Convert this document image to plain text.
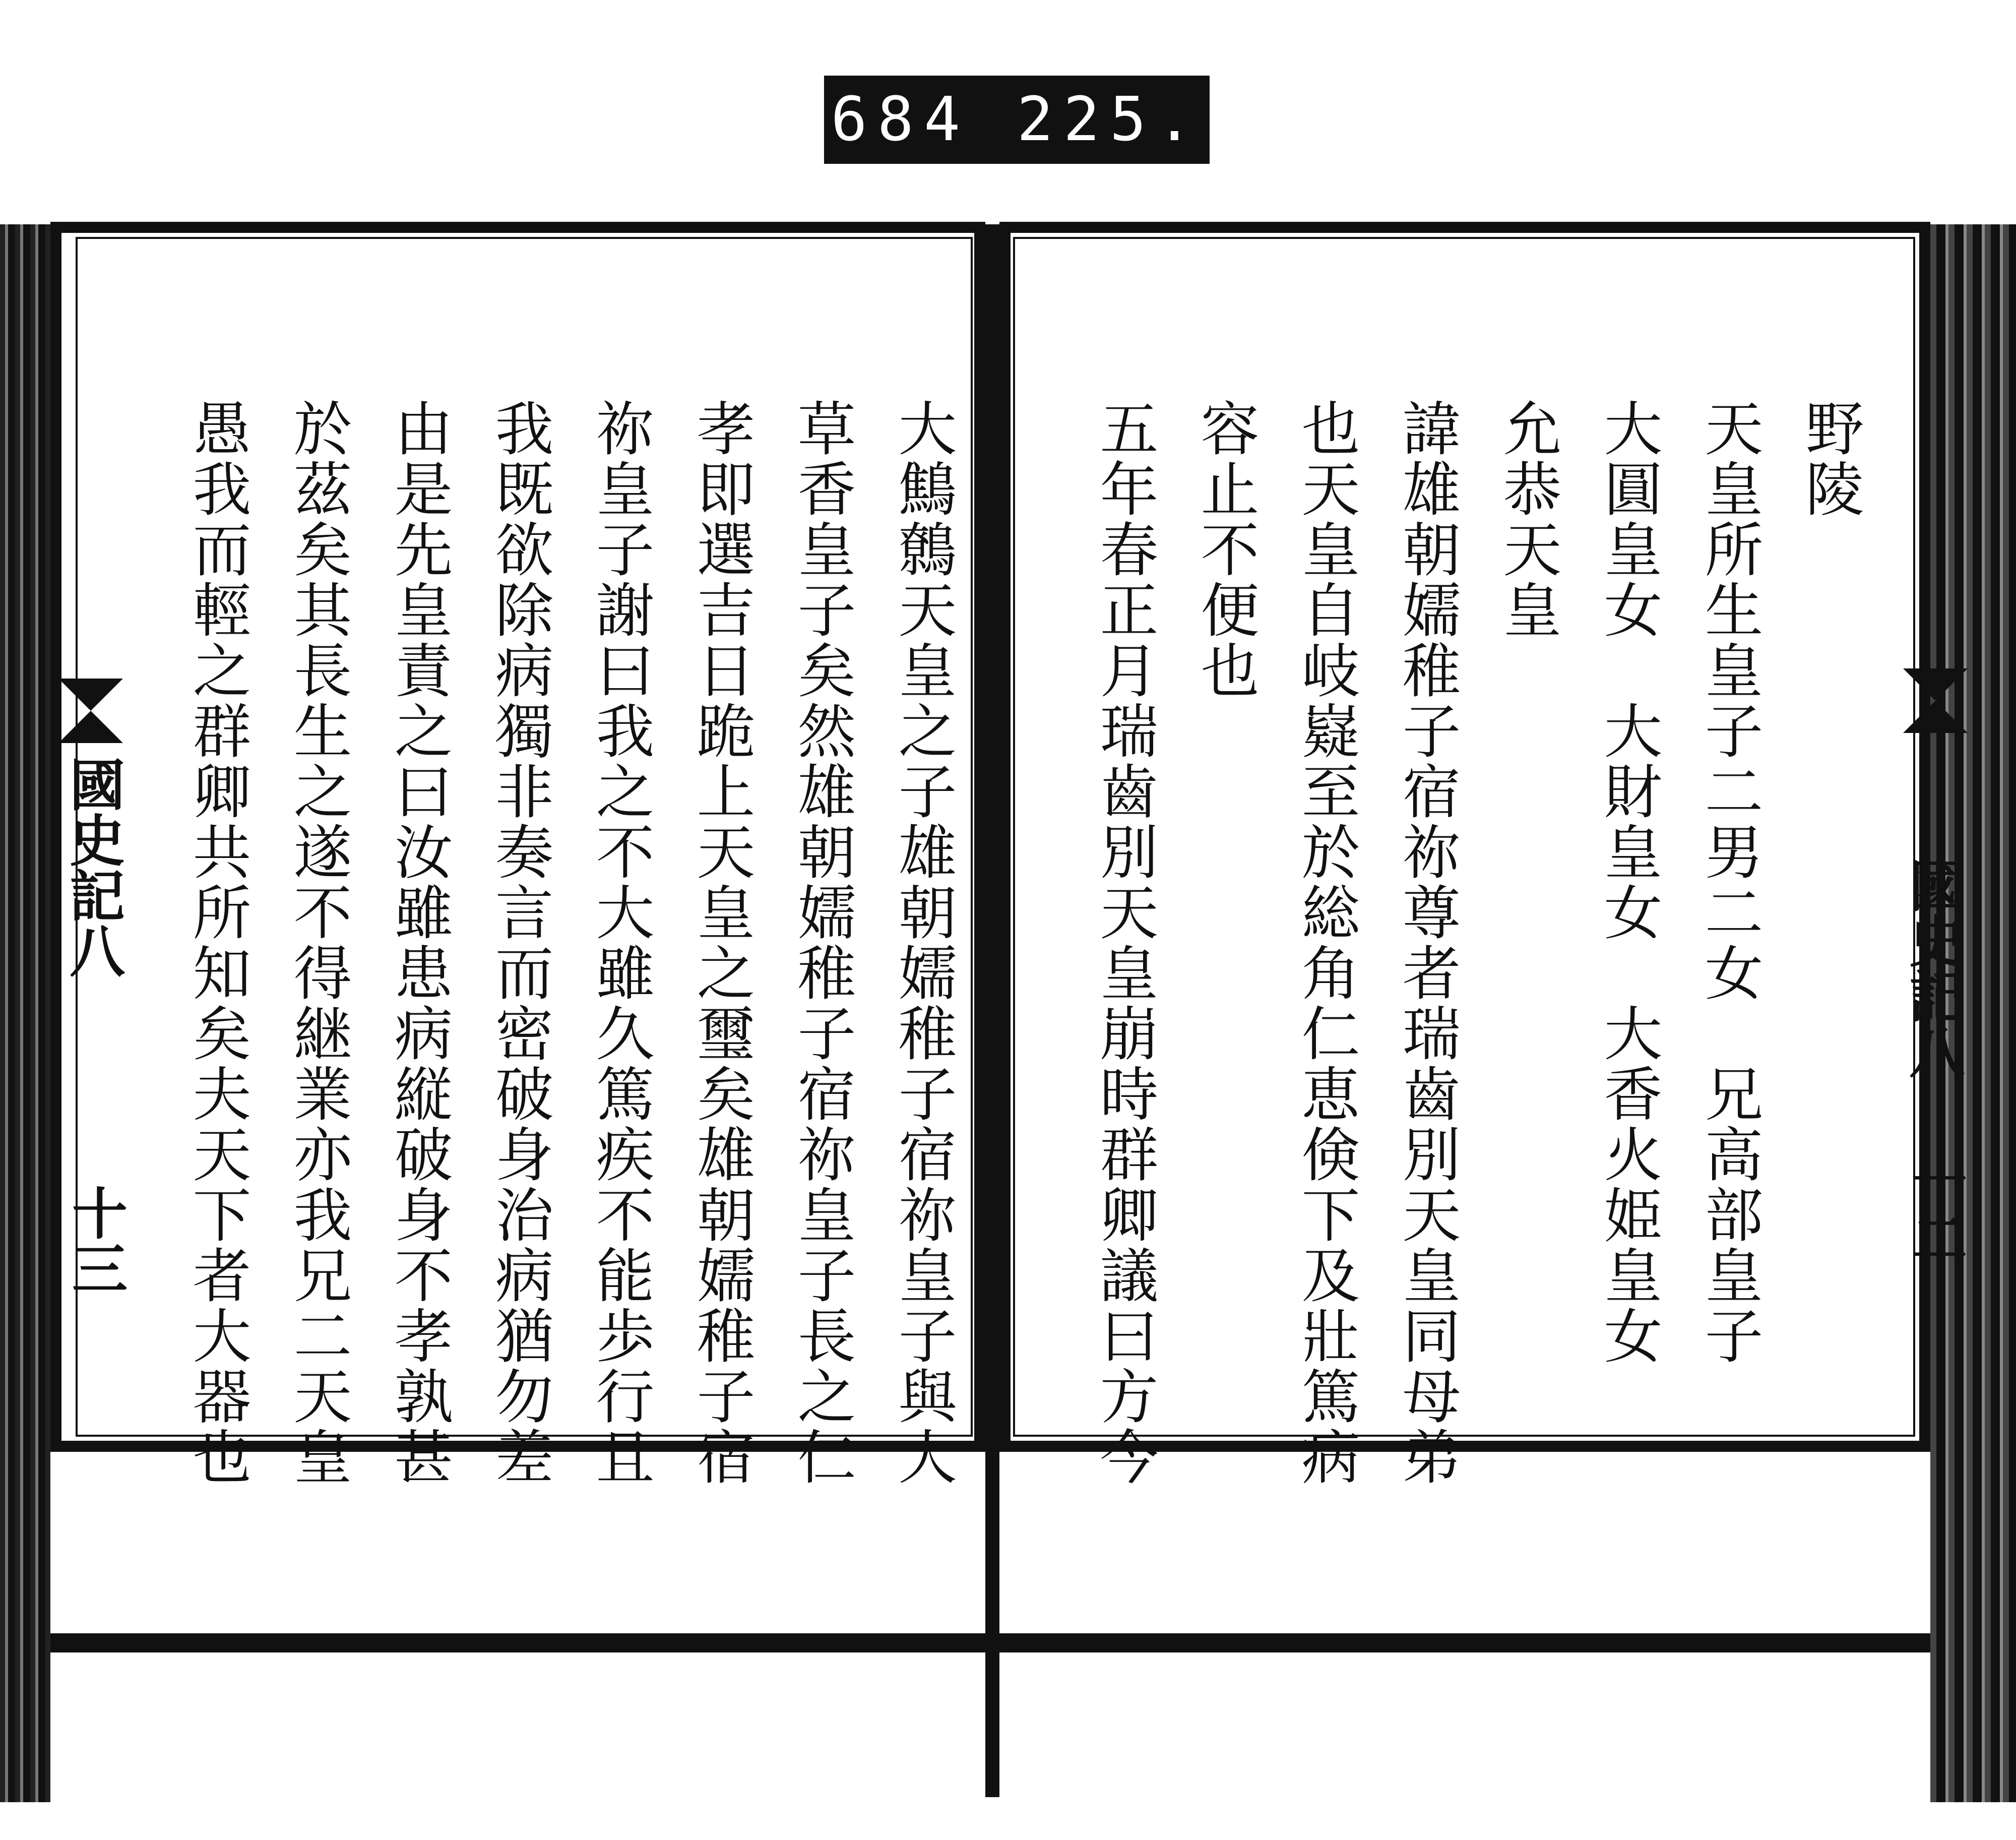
684 225.
國史記八
十三
國史記八
十二
野陵
天皇所生皇子二男二女　兄高部皇子
大圓皇女　大財皇女　大香火姫皇女
允恭天皇
諱雄朝嬬稚子宿祢尊者瑞齒別天皇同母弟
也天皇自岐嶷至於総角仁恵倹下及壯篤病
容止不便也
五年春正月瑞齒別天皇崩時群卿議曰方今
大鷦鷯天皇之子雄朝嬬稚子宿祢皇子與大
草香皇子矣然雄朝嬬稚子宿祢皇子長之仁
孝即選吉日跪上天皇之璽矣雄朝嬬稚子宿
祢皇子謝曰我之不大雖久篤疾不能歩行且
我既欲除病獨非奏言而密破身治病猶勿差
由是先皇責之曰汝雖患病縦破身不孝孰甚
於茲矣其長生之遂不得継業亦我兄二天皇
愚我而輕之群卿共所知矣夫天下者大器也
